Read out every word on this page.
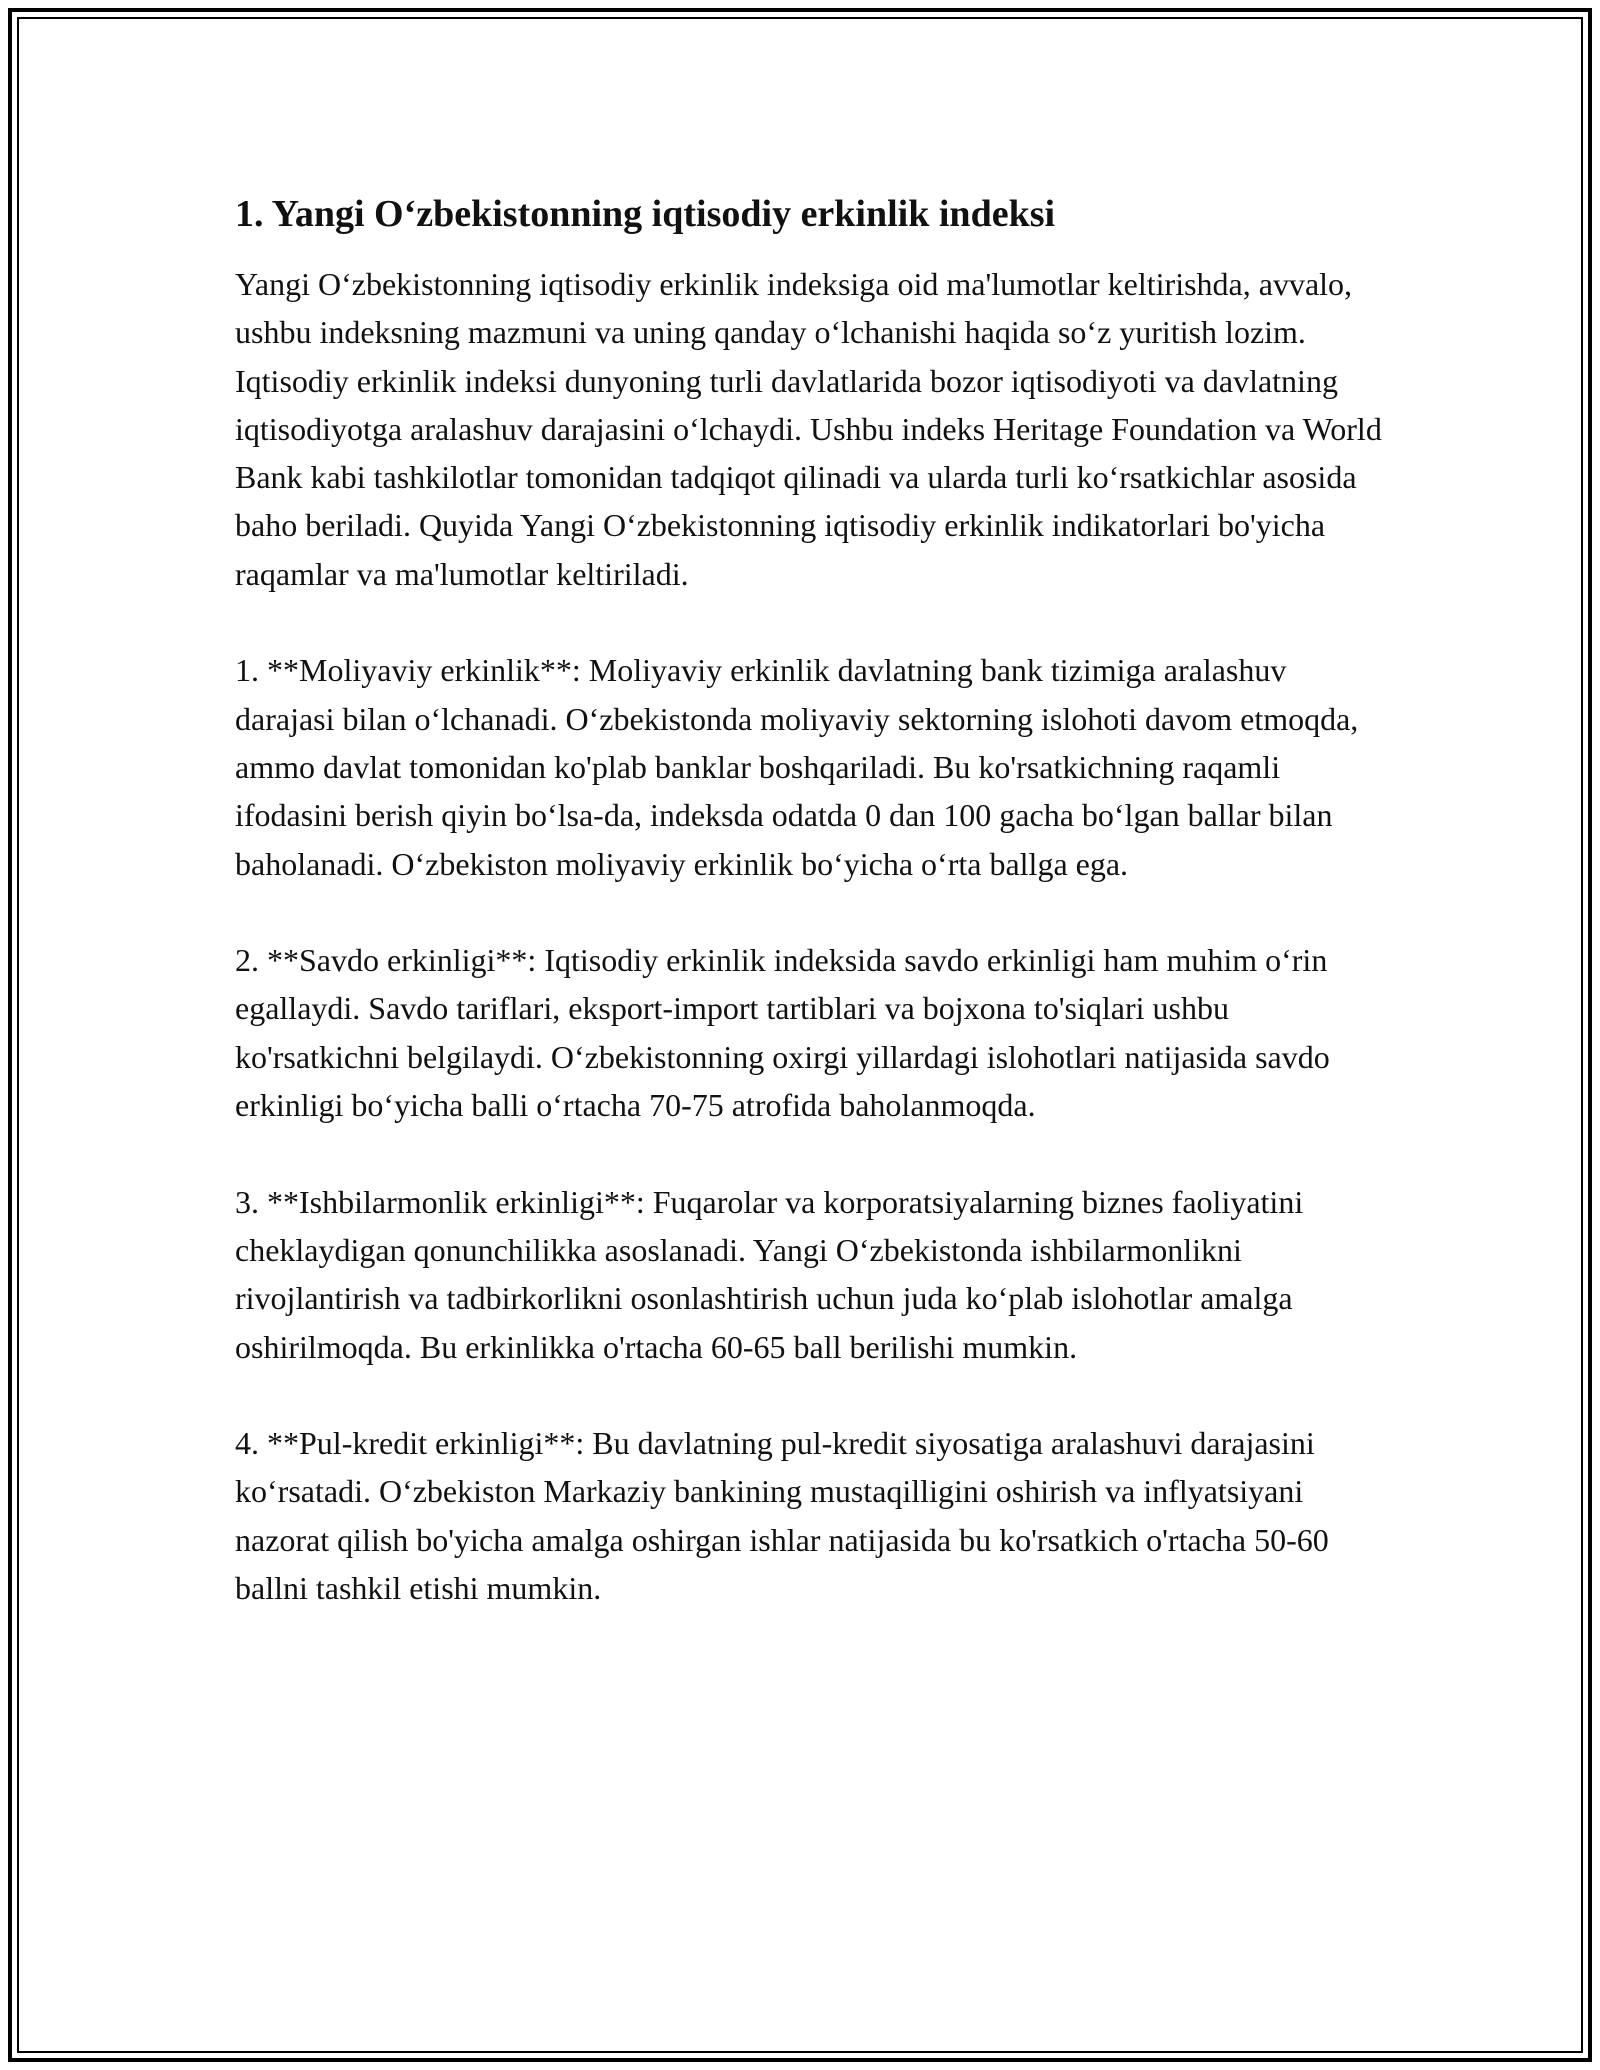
1. Yangi O‘zbekistonning iqtisodiy erkinlik indeksi

Yangi O‘zbekistonning iqtisodiy erkinlik indeksiga oid ma'lumotlar keltirishda, avvalo, ushbu indeksning mazmuni va uning qanday o‘lchanishi haqida so‘z yuritish lozim. Iqtisodiy erkinlik indeksi dunyoning turli davlatlarida bozor iqtisodiyoti va davlatning iqtisodiyotga aralashuv darajasini o‘lchaydi. Ushbu indeks Heritage Foundation va World Bank kabi tashkilotlar tomonidan tadqiqot qilinadi va ularda turli ko‘rsatkichlar asosida baho beriladi. Quyida Yangi O‘zbekistonning iqtisodiy erkinlik indikatorlari bo'yicha raqamlar va ma'lumotlar keltiriladi.

1. **Moliyaviy erkinlik**: Moliyaviy erkinlik davlatning bank tizimiga aralashuv darajasi bilan o‘lchanadi. O‘zbekistonda moliyaviy sektorning islohoti davom etmoqda, ammo davlat tomonidan ko'plab banklar boshqariladi. Bu ko'rsatkichning raqamli ifodasini berish qiyin bo‘lsa-da, indeksda odatda 0 dan 100 gacha bo‘lgan ballar bilan baholanadi. O‘zbekiston moliyaviy erkinlik bo‘yicha o‘rta ballga ega.

2. **Savdo erkinligi**: Iqtisodiy erkinlik indeksida savdo erkinligi ham muhim o‘rin egallaydi. Savdo tariflari, eksport-import tartiblari va bojxona to'siqlari ushbu ko'rsatkichni belgilaydi. O‘zbekistonning oxirgi yillardagi islohotlari natijasida savdo erkinligi bo‘yicha balli o‘rtacha 70-75 atrofida baholanmoqda.

3. **Ishbilarmonlik erkinligi**: Fuqarolar va korporatsiyalarning biznes faoliyatini cheklaydigan qonunchilikka asoslanadi. Yangi O‘zbekistonda ishbilarmonlikni rivojlantirish va tadbirkorlikni osonlashtirish uchun juda ko‘plab islohotlar amalga oshirilmoqda. Bu erkinlikka o'rtacha 60-65 ball berilishi mumkin.

4. **Pul-kredit erkinligi**: Bu davlatning pul-kredit siyosatiga aralashuvi darajasini ko‘rsatadi. O‘zbekiston Markaziy bankining mustaqilligini oshirish va inflyatsiyani nazorat qilish bo'yicha amalga oshirgan ishlar natijasida bu ko'rsatkich o'rtacha 50-60 ballni tashkil etishi mumkin.
